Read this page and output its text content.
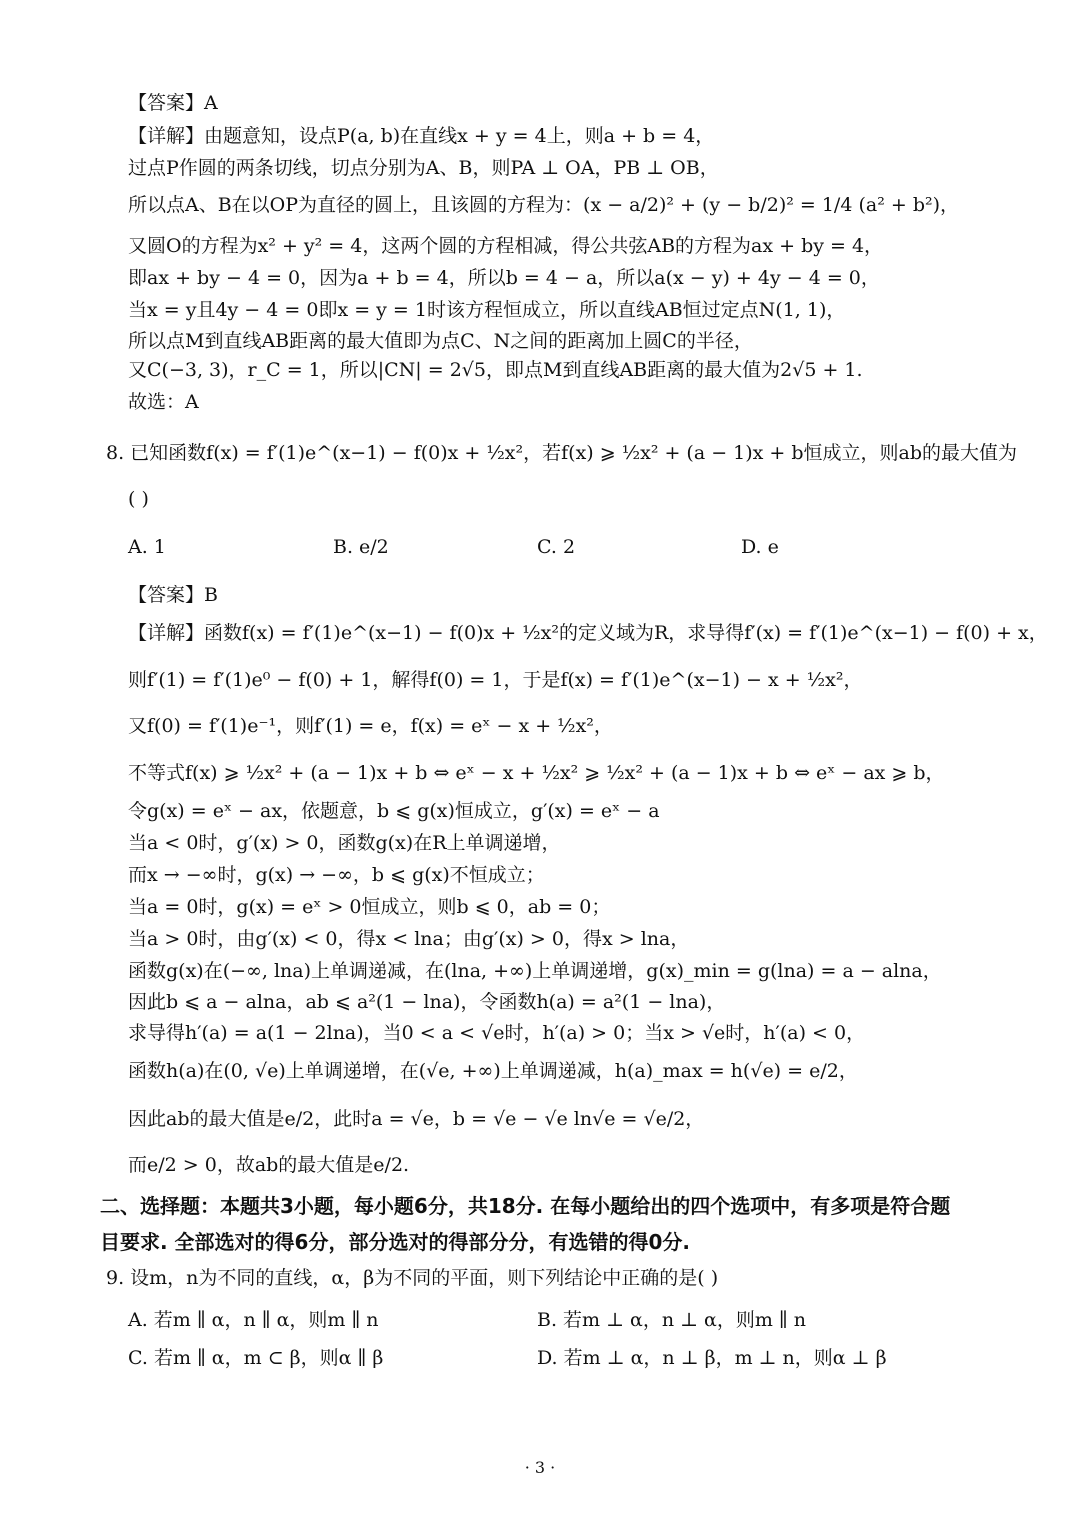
【答案】A
【详解】由题意知，设点P(a, b)在直线x + y = 4上，则a + b = 4，
过点P作圆的两条切线，切点分别为A、B，则PA ⊥ OA，PB ⊥ OB，
所以点A、B在以OP为直径的圆上，且该圆的方程为：(x − a/2)² + (y − b/2)² = 1/4 (a² + b²)，
又圆O的方程为x² + y² = 4，这两个圆的方程相减，得公共弦AB的方程为ax + by = 4，
即ax + by − 4 = 0，因为a + b = 4，所以b = 4 − a，所以a(x − y) + 4y − 4 = 0，
当x = y且4y − 4 = 0即x = y = 1时该方程恒成立，所以直线AB恒过定点N(1, 1)，
所以点M到直线AB距离的最大值即为点C、N之间的距离加上圆C的半径，
又C(−3, 3)，r_C = 1，所以|CN| = 2√5，即点M到直线AB距离的最大值为2√5 + 1.
故选：A
8. 已知函数f(x) = f′(1)e^(x−1) − f(0)x + ½x²，若f(x) ⩾ ½x² + (a − 1)x + b恒成立，则ab的最大值为
( )
A. 1	B. e/2	C. 2	D. e
【答案】B
【详解】函数f(x) = f′(1)e^(x−1) − f(0)x + ½x²的定义域为R，求导得f′(x) = f′(1)e^(x−1) − f(0) + x，
则f′(1) = f′(1)e⁰ − f(0) + 1，解得f(0) = 1，于是f(x) = f′(1)e^(x−1) − x + ½x²，
又f(0) = f′(1)e⁻¹，则f′(1) = e，f(x) = eˣ − x + ½x²，
不等式f(x) ⩾ ½x² + (a − 1)x + b ⇔ eˣ − x + ½x² ⩾ ½x² + (a − 1)x + b ⇔ eˣ − ax ⩾ b，
令g(x) = eˣ − ax，依题意，b ⩽ g(x)恒成立，g′(x) = eˣ − a
当a < 0时，g′(x) > 0，函数g(x)在R上单调递增，
而x → −∞时，g(x) → −∞，b ⩽ g(x)不恒成立；
当a = 0时，g(x) = eˣ > 0恒成立，则b ⩽ 0，ab = 0；
当a > 0时，由g′(x) < 0，得x < lna；由g′(x) > 0，得x > lna，
函数g(x)在(−∞, lna)上单调递减，在(lna, +∞)上单调递增，g(x)_min = g(lna) = a − alna，
因此b ⩽ a − alna，ab ⩽ a²(1 − lna)，令函数h(a) = a²(1 − lna)，
求导得h′(a) = a(1 − 2lna)，当0 < a < √e时，h′(a) > 0；当x > √e时，h′(a) < 0，
函数h(a)在(0, √e)上单调递增，在(√e, +∞)上单调递减，h(a)_max = h(√e) = e/2，
因此ab的最大值是e/2，此时a = √e，b = √e − √e ln√e = √e/2，
而e/2 > 0，故ab的最大值是e/2.
二、选择题：本题共3小题，每小题6分，共18分. 在每小题给出的四个选项中，有多项是符合题
目要求. 全部选对的得6分，部分选对的得部分分，有选错的得0分.
9. 设m，n为不同的直线，α，β为不同的平面，则下列结论中正确的是( )
A. 若m ∥ α，n ∥ α，则m ∥ n	B. 若m ⊥ α，n ⊥ α，则m ∥ n
C. 若m ∥ α，m ⊂ β，则α ∥ β	D. 若m ⊥ α，n ⊥ β，m ⊥ n，则α ⊥ β
· 3 ·
